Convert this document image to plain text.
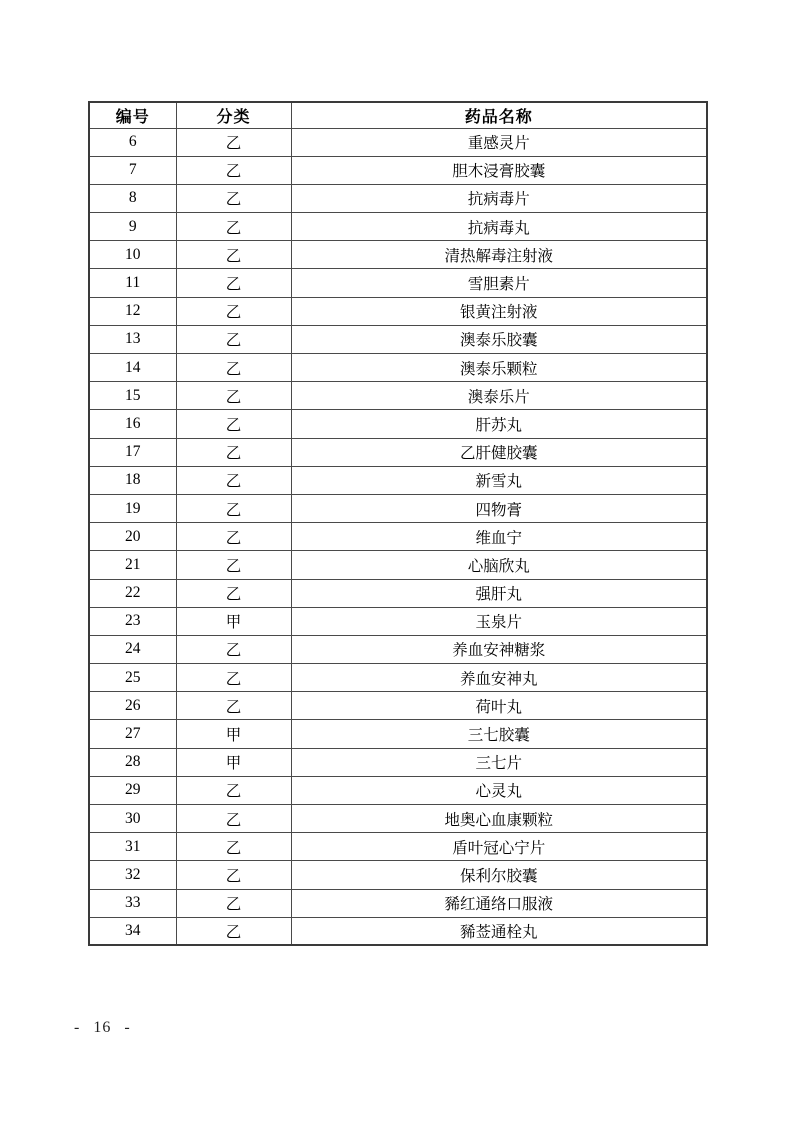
编号	分类	药品名称
6	乙	重感灵片
7	乙	胆木浸膏胶囊
8	乙	抗病毒片
9	乙	抗病毒丸
10	乙	清热解毒注射液
11	乙	雪胆素片
12	乙	银黄注射液
13	乙	澳泰乐胶囊
14	乙	澳泰乐颗粒
15	乙	澳泰乐片
16	乙	肝苏丸
17	乙	乙肝健胶囊
18	乙	新雪丸
19	乙	四物膏
20	乙	维血宁
21	乙	心脑欣丸
22	乙	强肝丸
23	甲	玉泉片
24	乙	养血安神糖浆
25	乙	养血安神丸
26	乙	荷叶丸
27	甲	三七胶囊
28	甲	三七片
29	乙	心灵丸
30	乙	地奥心血康颗粒
31	乙	盾叶冠心宁片
32	乙	保利尔胶囊
33	乙	豨红通络口服液
34	乙	豨莶通栓丸
- 16 -
